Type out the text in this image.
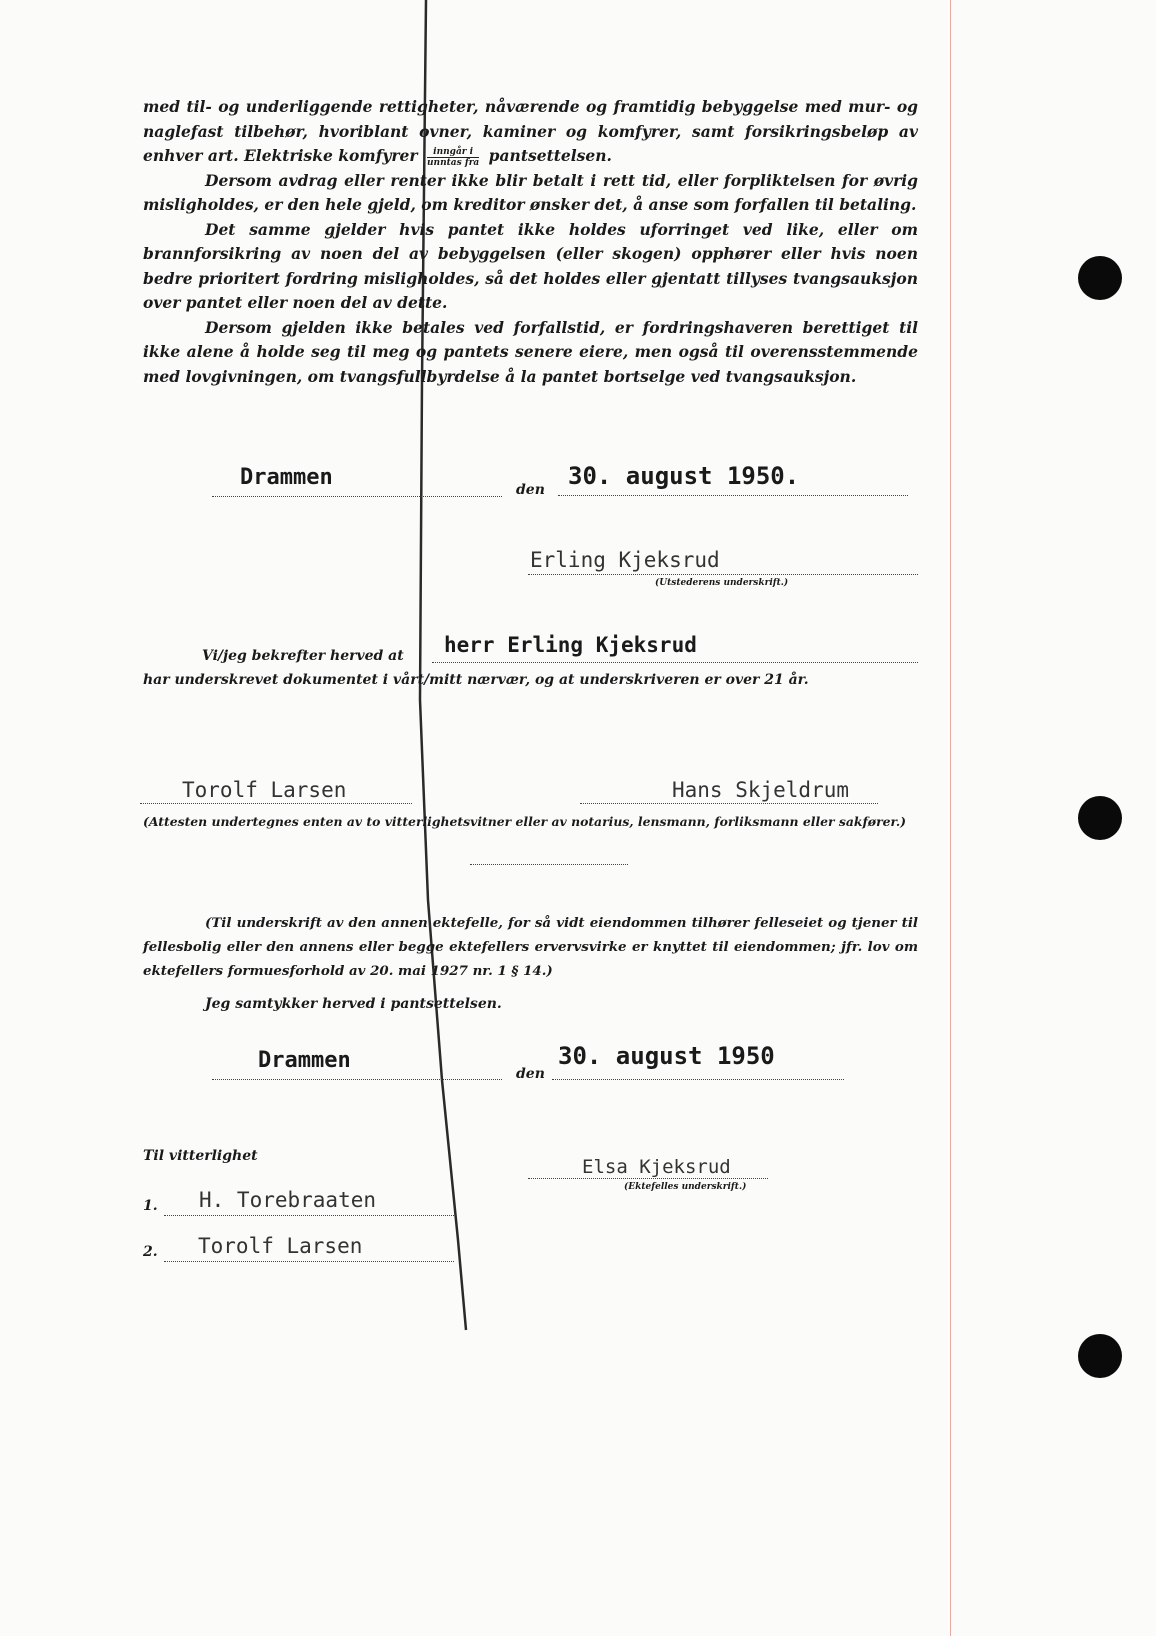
med til- og underliggende rettigheter, nåværende og framtidig bebyggelse med mur- og naglefast tilbehør, hvoriblant ovner, kaminer og komfyrer, samt forsikringsbeløp av enhver art. Elektriske komfyrer $\frac{\text{inngår i}}{\text{unntas fra}}$ pantsettelsen.

Dersom avdrag eller renter ikke blir betalt i rett tid, eller forpliktelsen for øvrig misligholdes, er den hele gjeld, om kreditor ønsker det, å anse som forfallen til betaling.

Det samme gjelder hvis pantet ikke holdes uforringet ved like, eller om brannforsikring av noen del av bebyggelsen (eller skogen) opphører eller hvis noen bedre prioritert fordring misligholdes, så det holdes eller gjentatt tillyses tvangsauksjon over pantet eller noen del av dette.

Dersom gjelden ikke betales ved forfallstid, er fordringshaveren berettiget til ikke alene å holde seg til meg og pantets senere eiere, men også til overensstemmende med lovgivningen, om tvangsfullbyrdelse å la pantet bortselge ved tvangsauksjon.

Drammen	den 30. august 1950.
Erling Kjeksrud
(Utstederens underskrift.)
Vi/jeg bekrefter herved at	herr Erling Kjeksrud
har underskrevet dokumentet i vårt/mitt nærvær, og at underskriveren er over 21 år.
Torolf Larsen	Hans Skjeldrum
(Attesten undertegnes enten av to vitterlighetsvitner eller av notarius, lensmann, forliksmann eller sakfører.)
(Til underskrift av den annen ektefelle, for så vidt eiendommen tilhører felleseiet og tjener til fellesbolig eller den annens eller begge ektefellers ervervsvirke er knyttet til eiendommen; jfr. lov om ektefellers formuesforhold av 20. mai 1927 nr. 1 § 14.)
Jeg samtykker herved i pantsettelsen.
Drammen
den
30. august 1950
Til vitterlighet
1.	H. Torebraaten
2.	Torolf Larsen
Elsa Kjeksrud
(Ektefelles underskrift.)
